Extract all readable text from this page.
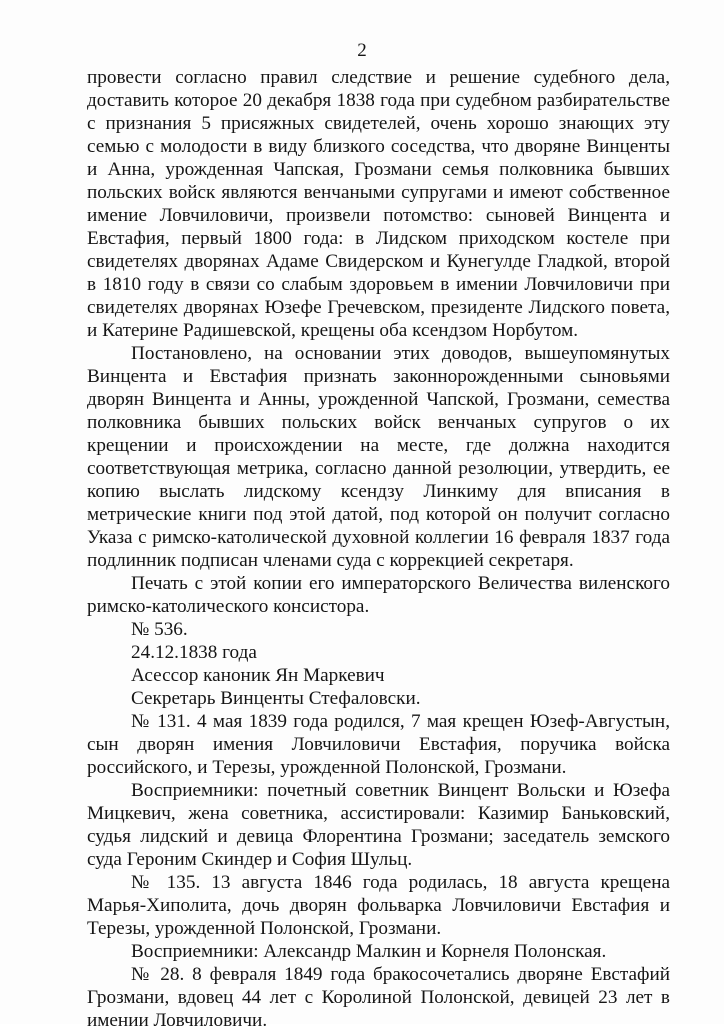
2

провести согласно правил следствие и решение судебного дела, доставить которое 20 декабря 1838 года при судебном разбирательстве с признания 5 присяжных свидетелей, очень хорошо знающих эту семью с молодости в виду близкого соседства, что дворяне Винценты и Анна, урожденная Чапская, Грозмани семья полковника бывших польских войск являются венчаными супругами и имеют собственное имение Ловчиловичи, произвели потомство: сыновей Винцента и Евстафия, первый 1800 года: в Лидском приходском костеле при свидетелях дворянах Адаме Свидерском и Кунегулде Гладкой, второй в 1810 году в связи со слабым здоровьем в имении Ловчиловичи при свидетелях дворянах Юзефе Гречевском, президенте Лидского повета, и Катерине Радишевской, крещены оба ксендзом Норбутом.

Постановлено, на основании этих доводов, вышеупомянутых Винцента и Евстафия признать законнорожденными сыновьями дворян Винцента и Анны, урожденной Чапской, Грозмани, семества полковника бывших польских войск венчаных супругов о их крещении и происхождении на месте, где должна находится соответствующая метрика, согласно данной резолюции, утвердить, ее копию выслать лидскому ксендзу Линкиму для вписания в метрические книги под этой датой, под которой он получит согласно Указа с римско-католической духовной коллегии 16 февраля 1837 года подлинник подписан членами суда с коррекцией секретаря.

Печать с этой копии его императорского Величества виленского римско-католического консистора.

№ 536.

24.12.1838 года

Асессор каноник Ян Маркевич

Секретарь Винценты Стефаловски.

№ 131. 4 мая 1839 года родился, 7 мая крещен Юзеф-Августын, сын дворян имения Ловчиловичи Евстафия, поручика войска российского, и Терезы, урожденной Полонской, Грозмани.

Восприемники: почетный советник Винцент Вольски и Юзефа Мицкевич, жена советника, ассистировали: Казимир Баньковский, судья лидский и девица Флорентина Грозмани; заседатель земского суда Героним Скиндер и София Шульц.

№ 135. 13 августа 1846 года родилась, 18 августа крещена Марья-Хиполита, дочь дворян фольварка Ловчиловичи Евстафия и Терезы, урожденной Полонской, Грозмани.

Восприемники: Александр Малкин и Корнеля Полонская.

№ 28. 8 февраля 1849 года бракосочетались дворяне Евстафий Грозмани, вдовец 44 лет с Королиной Полонской, девицей 23 лет в имении Ловчиловичи.
